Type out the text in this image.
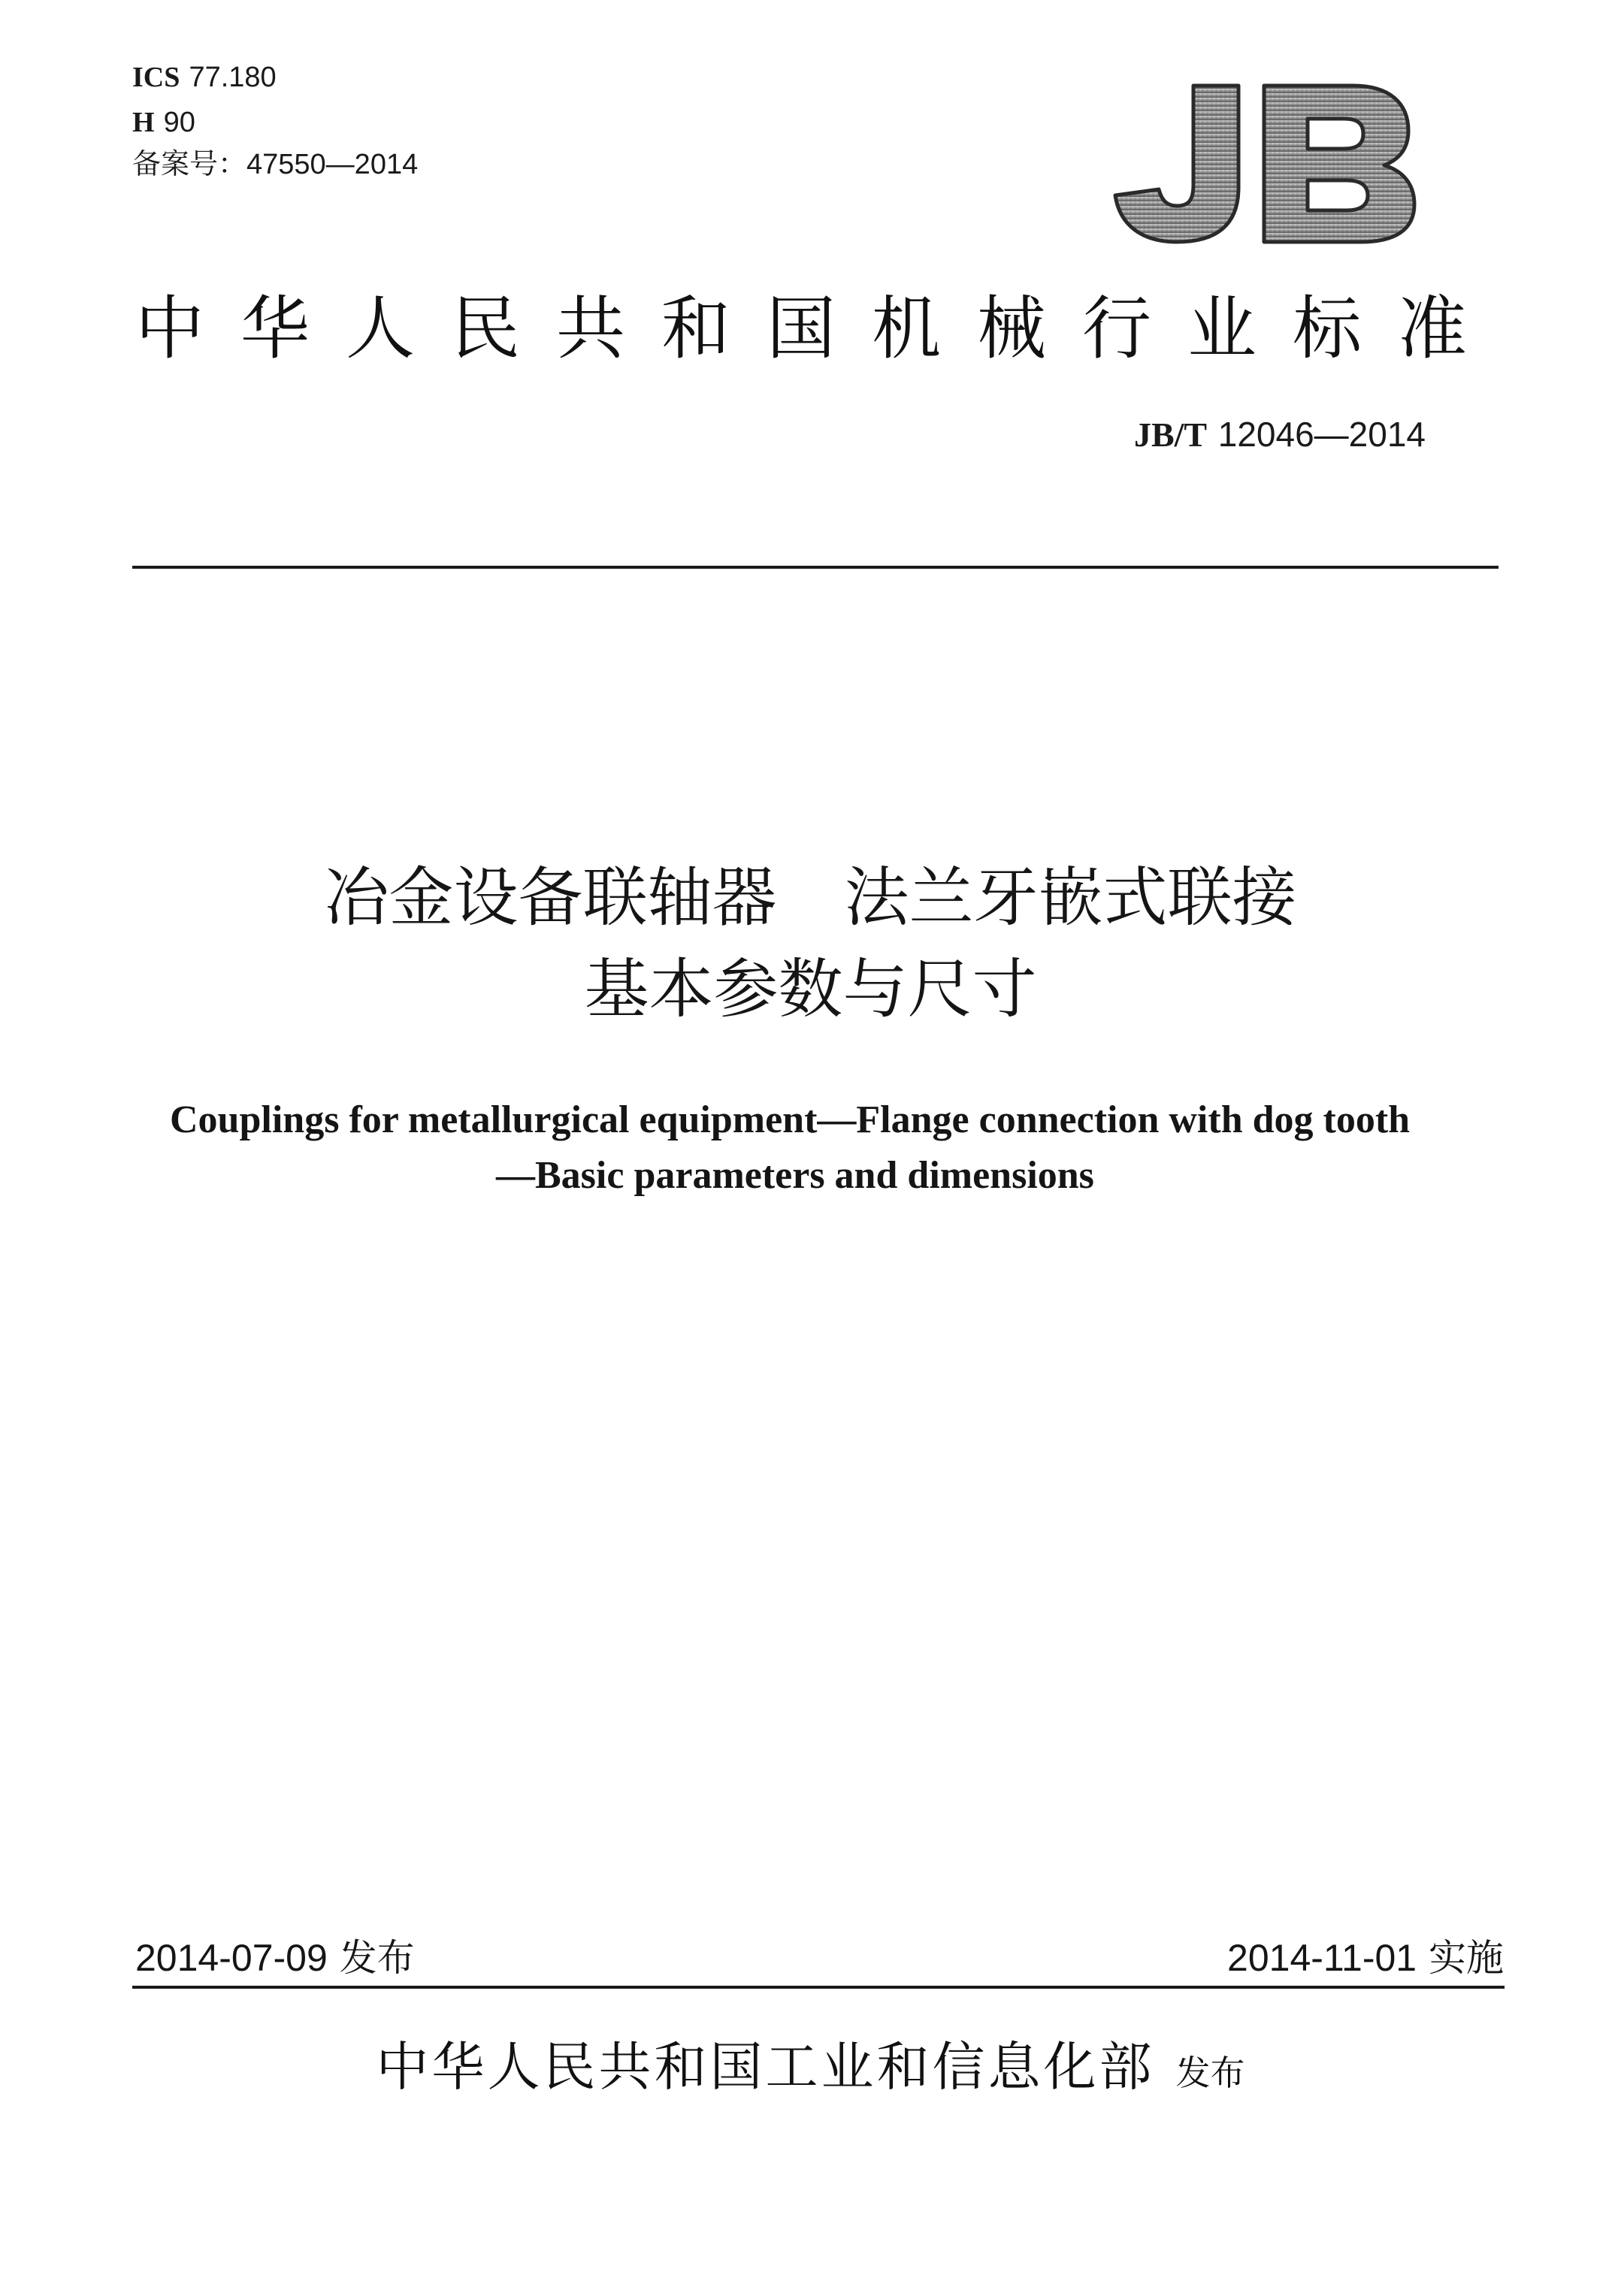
ICS 77.180
H 90
备案号：47550—2014
中华人民共和国机械行业标准
JB/T 12046—2014
冶金设备联轴器 法兰牙嵌式联接
基本参数与尺寸
Couplings for metallurgical equipment—Flange connection with dog tooth
—Basic parameters and dimensions
2014-07-09 发布	2014-11-01 实施
中华人民共和国工业和信息化部 发布
